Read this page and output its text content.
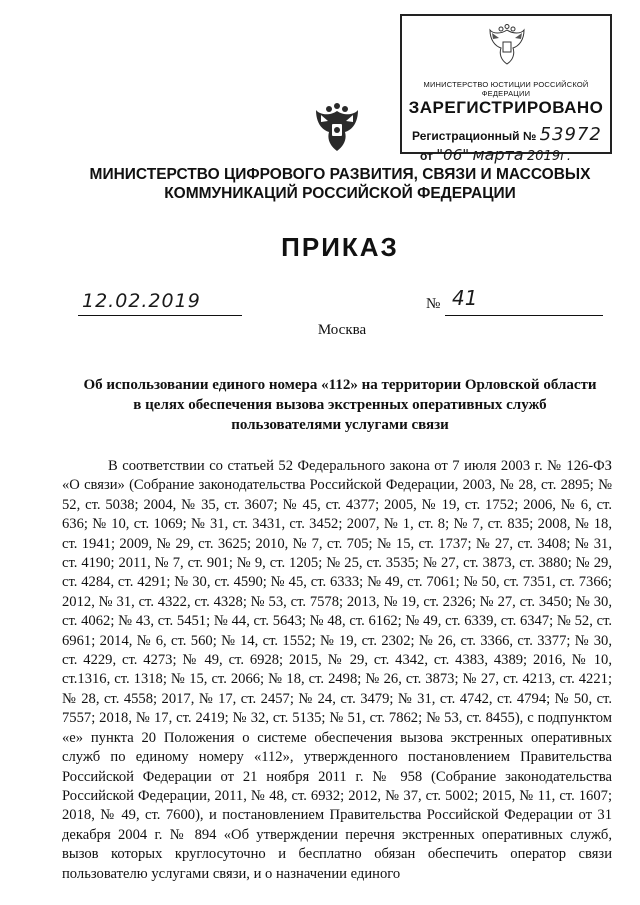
МИНИСТЕРСТВО ЮСТИЦИИ РОССИЙСКОЙ ФЕДЕРАЦИИ
ЗАРЕГИСТРИРОВАНО
Регистрационный № 53972
от "06" марта 2019г.
МИНИСТЕРСТВО ЦИФРОВОГО РАЗВИТИЯ, СВЯЗИ И МАССОВЫХ
КОММУНИКАЦИЙ РОССИЙСКОЙ ФЕДЕРАЦИИ
ПРИКАЗ
12.02.2019	№ 41
Москва
Об использовании единого номера «112» на территории Орловской области
в целях обеспечения вызова экстренных оперативных служб
пользователями услугами связи

В соответствии со статьей 52 Федерального закона от 7 июля 2003 г. № 126-ФЗ «О связи» (Собрание законодательства Российской Федерации, 2003, № 28, ст. 2895; № 52, ст. 5038; 2004, № 35, ст. 3607; № 45, ст. 4377; 2005, № 19, ст. 1752; 2006, № 6, ст. 636; № 10, ст. 1069; № 31, ст. 3431, ст. 3452; 2007, № 1, ст. 8; № 7, ст. 835; 2008, № 18, ст. 1941; 2009, № 29, ст. 3625; 2010, № 7, ст. 705; № 15, ст. 1737; № 27, ст. 3408; № 31, ст. 4190; 2011, № 7, ст. 901; № 9, ст. 1205; № 25, ст. 3535; № 27, ст. 3873, ст. 3880; № 29, ст. 4284, ст. 4291; № 30, ст. 4590; № 45, ст. 6333; № 49, ст. 7061; № 50, ст. 7351, ст. 7366; 2012, № 31, ст. 4322, ст. 4328; № 53, ст. 7578; 2013, № 19, ст. 2326; № 27, ст. 3450; № 30, ст. 4062; № 43, ст. 5451; № 44, ст. 5643; № 48, ст. 6162; № 49, ст. 6339, ст. 6347; № 52, ст. 6961; 2014, № 6, ст. 560; № 14, ст. 1552; № 19, ст. 2302; № 26, ст. 3366, ст. 3377; № 30, ст. 4229, ст. 4273; № 49, ст. 6928; 2015, № 29, ст. 4342, ст. 4383, 4389; 2016, № 10, ст.1316, ст. 1318; № 15, ст. 2066; № 18, ст. 2498; № 26, ст. 3873; № 27, ст. 4213, ст. 4221; № 28, ст. 4558; 2017, № 17, ст. 2457; № 24, ст. 3479; № 31, ст. 4742, ст. 4794; № 50, ст. 7557; 2018, № 17, ст. 2419; № 32, ст. 5135; № 51, ст. 7862; № 53, ст. 8455), с подпунктом «е» пункта 20 Положения о системе обеспечения вызова экстренных оперативных служб по единому номеру «112», утвержденного постановлением Правительства Российской Федерации от 21 ноября 2011 г. № 958 (Собрание законодательства Российской Федерации, 2011, № 48, ст. 6932; 2012, № 37, ст. 5002; 2015, № 11, ст. 1607; 2018, № 49, ст. 7600), и постановлением Правительства Российской Федерации от 31 декабря 2004 г. № 894 «Об утверждении перечня экстренных оперативных служб, вызов которых круглосуточно и бесплатно обязан обеспечить оператор связи пользователю услугами связи, и о назначении единого
